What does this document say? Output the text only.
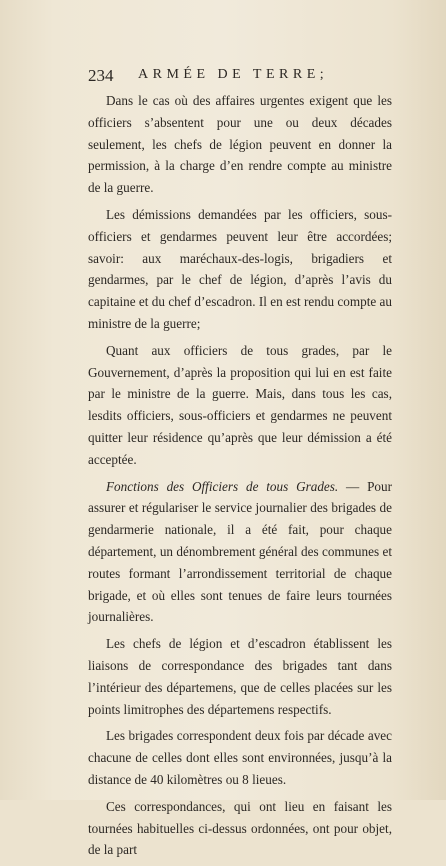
234 ARMÉE DE TERRE;

Dans le cas où des affaires urgentes exigent que les officiers s’absentent pour une ou deux décades seulement, les chefs de légion peuvent en donner la permission, à la charge d’en rendre compte au ministre de la guerre.

Les démissions demandées par les officiers, sous-officiers et gendarmes peuvent leur être accordées; savoir: aux maréchaux-des-logis, brigadiers et gendarmes, par le chef de légion, d’après l’avis du capitaine et du chef d’escadron. Il en est rendu compte au ministre de la guerre;

Quant aux officiers de tous grades, par le Gouvernement, d’après la proposition qui lui en est faite par le ministre de la guerre. Mais, dans tous les cas, lesdits officiers, sous-officiers et gendarmes ne peuvent quitter leur résidence qu’après que leur démission a été acceptée.

Fonctions des Officiers de tous Grades. — Pour assurer et régulariser le service journalier des brigades de gendarmerie nationale, il a été fait, pour chaque département, un dénombrement général des communes et routes formant l’arrondissement territorial de chaque brigade, et où elles sont tenues de faire leurs tournées journalières.

Les chefs de légion et d’escadron établissent les liaisons de correspondance des brigades tant dans l’intérieur des départemens, que de celles placées sur les points limitrophes des départemens respectifs.

Les brigades correspondent deux fois par décade avec chacune de celles dont elles sont environnées, jusqu’à la distance de 40 kilomètres ou 8 lieues.

Ces correspondances, qui ont lieu en faisant les tournées habituelles ci-dessus ordonnées, ont pour objet, de la part
